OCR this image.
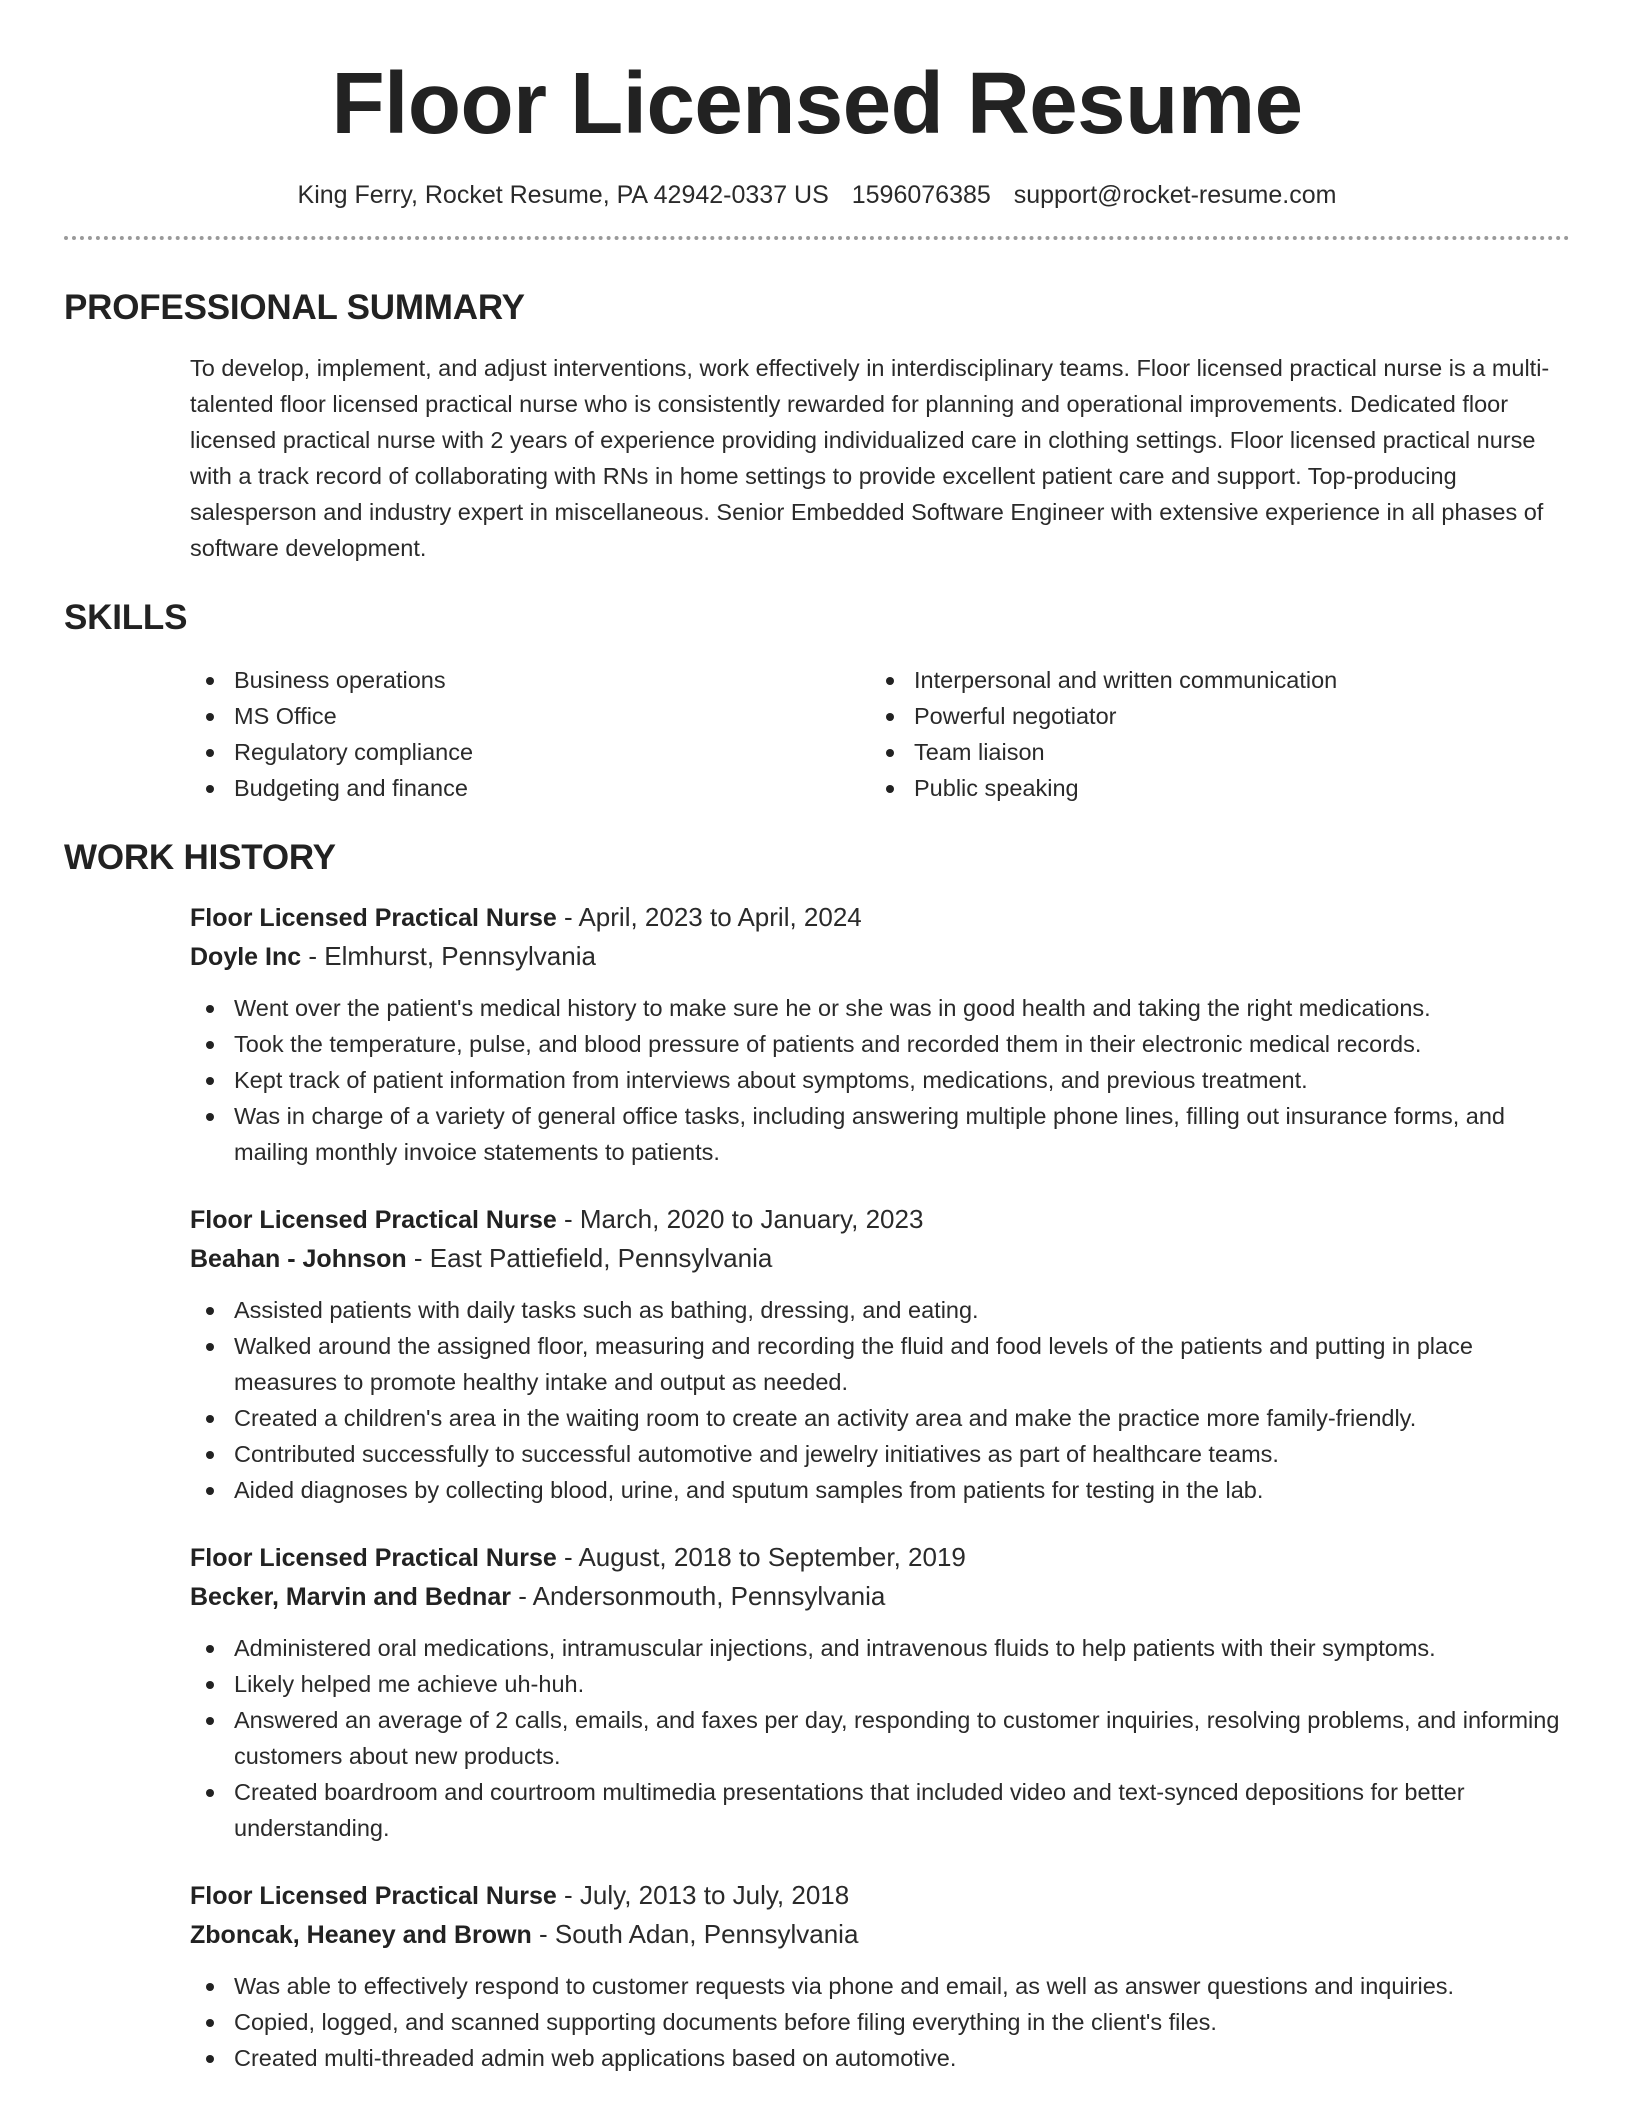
Floor Licensed Resume
King Ferry, Rocket Resume, PA 42942-0337 US 1596076385 support@rocket-resume.com
PROFESSIONAL SUMMARY

To develop, implement, and adjust interventions, work effectively in interdisciplinary teams. Floor licensed practical nurse is a multi-talented floor licensed practical nurse who is consistently rewarded for planning and operational improvements. Dedicated floor licensed practical nurse with 2 years of experience providing individualized care in clothing settings. Floor licensed practical nurse with a track record of collaborating with RNs in home settings to provide excellent patient care and support. Top-producing salesperson and industry expert in miscellaneous. Senior Embedded Software Engineer with extensive experience in all phases of software development.

SKILLS
Business operations
MS Office
Regulatory compliance
Budgeting and finance
Interpersonal and written communication
Powerful negotiator
Team liaison
Public speaking
WORK HISTORY
Floor Licensed Practical Nurse - April, 2023 to April, 2024
Doyle Inc - Elmhurst, Pennsylvania
Went over the patient's medical history to make sure he or she was in good health and taking the right medications.
Took the temperature, pulse, and blood pressure of patients and recorded them in their electronic medical records.
Kept track of patient information from interviews about symptoms, medications, and previous treatment.
Was in charge of a variety of general office tasks, including answering multiple phone lines, filling out insurance forms, and mailing monthly invoice statements to patients.
Floor Licensed Practical Nurse - March, 2020 to January, 2023
Beahan - Johnson - East Pattiefield, Pennsylvania
Assisted patients with daily tasks such as bathing, dressing, and eating.
Walked around the assigned floor, measuring and recording the fluid and food levels of the patients and putting in place measures to promote healthy intake and output as needed.
Created a children's area in the waiting room to create an activity area and make the practice more family-friendly.
Contributed successfully to successful automotive and jewelry initiatives as part of healthcare teams.
Aided diagnoses by collecting blood, urine, and sputum samples from patients for testing in the lab.
Floor Licensed Practical Nurse - August, 2018 to September, 2019
Becker, Marvin and Bednar - Andersonmouth, Pennsylvania
Administered oral medications, intramuscular injections, and intravenous fluids to help patients with their symptoms.
Likely helped me achieve uh-huh.
Answered an average of 2 calls, emails, and faxes per day, responding to customer inquiries, resolving problems, and informing customers about new products.
Created boardroom and courtroom multimedia presentations that included video and text-synced depositions for better understanding.
Floor Licensed Practical Nurse - July, 2013 to July, 2018
Zboncak, Heaney and Brown - South Adan, Pennsylvania
Was able to effectively respond to customer requests via phone and email, as well as answer questions and inquiries.
Copied, logged, and scanned supporting documents before filing everything in the client's files.
Created multi-threaded admin web applications based on automotive.
